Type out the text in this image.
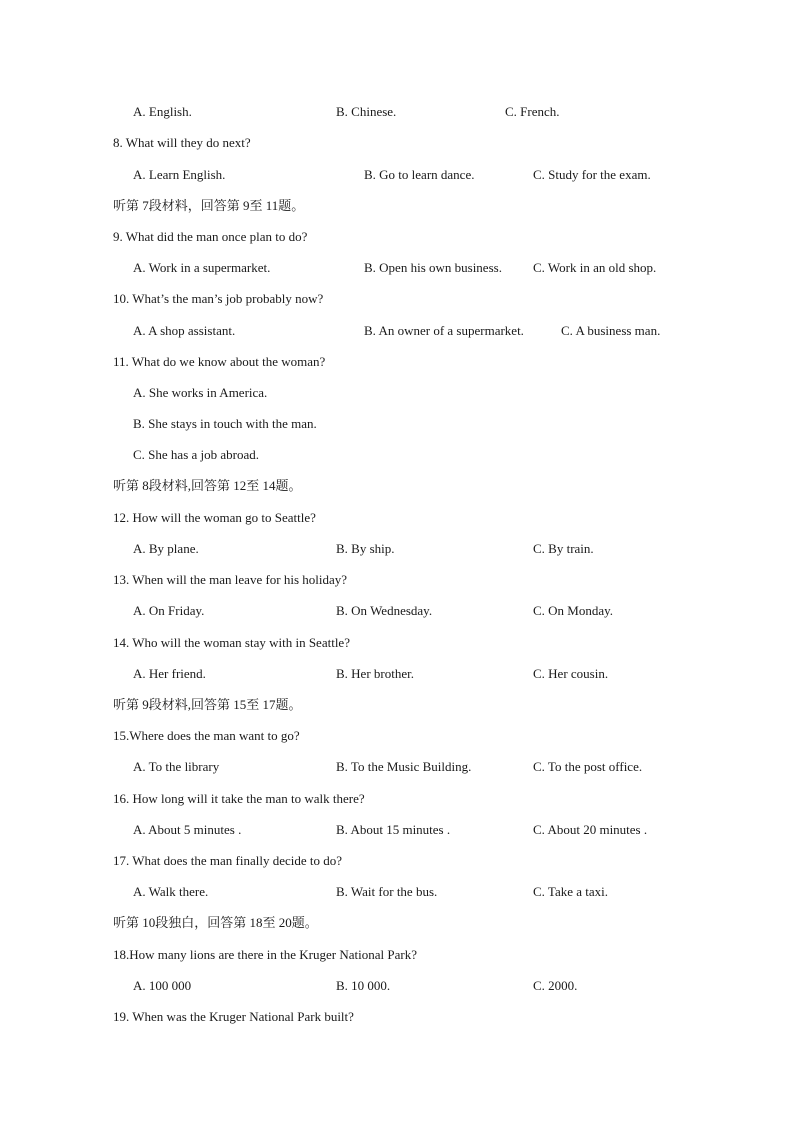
A. English.	B. Chinese.	C. French.
8. What will they do next?
A. Learn English.	B. Go to learn dance.	C. Study for the exam.
听第 7段材料，回答第 9至 11题。
9. What did the man once plan to do?
A. Work in a supermarket.	B. Open his own business. C. Work in an old shop.
10. What’s the man’s job probably now?
A. A shop assistant.	B. An owner of a supermarket.	C. A business man.
11. What do we know about the woman?
A. She works in America.
B. She stays in touch with the man.
C. She has a job abroad.
听第 8段材料,回答第 12至 14题。
12. How will the woman go to Seattle?
A. By plane.	B. By ship.	C. By train.
13. When will the man leave for his holiday?
A. On Friday.	B. On Wednesday.	C. On Monday.
14. Who will the woman stay with in Seattle?
A. Her friend.	B. Her brother.	C. Her cousin.
听第 9段材料,回答第 15至 17题。
15.Where does the man want to go?
A. To the library	B. To the Music Building.	C. To the post office.
16. How long will it take the man to walk there?
A. About 5 minutes .	B. About 15 minutes .	C. About 20 minutes .
17. What does the man finally decide to do?
A. Walk there.	B. Wait for the bus.	C. Take a taxi.
听第 10段独白，回答第 18至 20题。
18.How many lions are there in the Kruger National Park?
A. 100 000	B. 10 000.	C. 2000.
19. When was the Kruger National Park built?
